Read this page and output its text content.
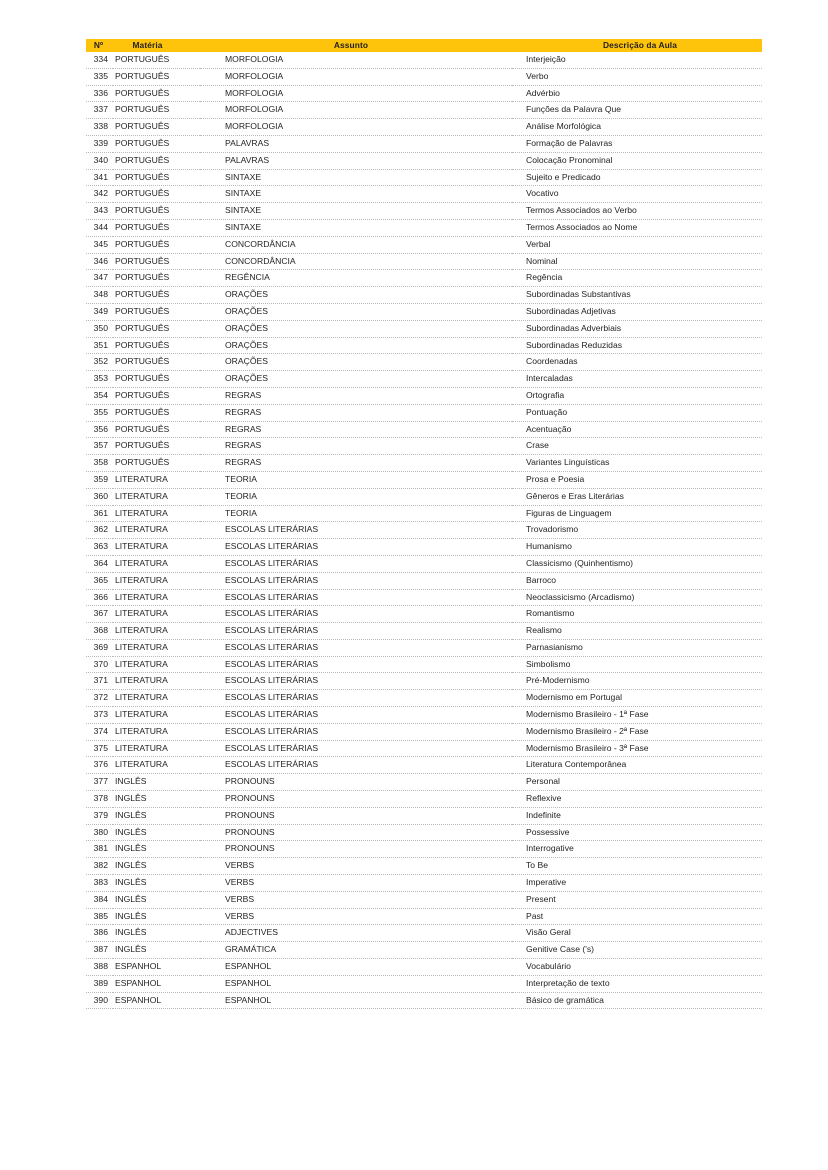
Nº	Matéria	Assunto	Descrição da Aula
334	PORTUGUÊS	MORFOLOGIA	Interjeição
335	PORTUGUÊS	MORFOLOGIA	Verbo
336	PORTUGUÊS	MORFOLOGIA	Advérbio
337	PORTUGUÊS	MORFOLOGIA	Funções da Palavra Que
338	PORTUGUÊS	MORFOLOGIA	Análise Morfológica
339	PORTUGUÊS	PALAVRAS	Formação de Palavras
340	PORTUGUÊS	PALAVRAS	Colocação Pronominal
341	PORTUGUÊS	SINTAXE	Sujeito e Predicado
342	PORTUGUÊS	SINTAXE	Vocativo
343	PORTUGUÊS	SINTAXE	Termos Associados ao Verbo
344	PORTUGUÊS	SINTAXE	Termos Associados ao Nome
345	PORTUGUÊS	CONCORDÂNCIA	Verbal
346	PORTUGUÊS	CONCORDÂNCIA	Nominal
347	PORTUGUÊS	REGÊNCIA	Regência
348	PORTUGUÊS	ORAÇÕES	Subordinadas Substantivas
349	PORTUGUÊS	ORAÇÕES	Subordinadas Adjetivas
350	PORTUGUÊS	ORAÇÕES	Subordinadas Adverbiais
351	PORTUGUÊS	ORAÇÕES	Subordinadas Reduzidas
352	PORTUGUÊS	ORAÇÕES	Coordenadas
353	PORTUGUÊS	ORAÇÕES	Intercaladas
354	PORTUGUÊS	REGRAS	Ortografia
355	PORTUGUÊS	REGRAS	Pontuação
356	PORTUGUÊS	REGRAS	Acentuação
357	PORTUGUÊS	REGRAS	Crase
358	PORTUGUÊS	REGRAS	Variantes Linguísticas
359	LITERATURA	TEORIA	Prosa e Poesia
360	LITERATURA	TEORIA	Gêneros e Eras Literárias
361	LITERATURA	TEORIA	Figuras de Linguagem
362	LITERATURA	ESCOLAS LITERÁRIAS	Trovadorismo
363	LITERATURA	ESCOLAS LITERÁRIAS	Humanismo
364	LITERATURA	ESCOLAS LITERÁRIAS	Classicismo (Quinhentismo)
365	LITERATURA	ESCOLAS LITERÁRIAS	Barroco
366	LITERATURA	ESCOLAS LITERÁRIAS	Neoclassicismo (Arcadismo)
367	LITERATURA	ESCOLAS LITERÁRIAS	Romantismo
368	LITERATURA	ESCOLAS LITERÁRIAS	Realismo
369	LITERATURA	ESCOLAS LITERÁRIAS	Parnasianismo
370	LITERATURA	ESCOLAS LITERÁRIAS	Simbolismo
371	LITERATURA	ESCOLAS LITERÁRIAS	Pré-Modernismo
372	LITERATURA	ESCOLAS LITERÁRIAS	Modernismo em Portugal
373	LITERATURA	ESCOLAS LITERÁRIAS	Modernismo Brasileiro - 1ª Fase
374	LITERATURA	ESCOLAS LITERÁRIAS	Modernismo Brasileiro - 2ª Fase
375	LITERATURA	ESCOLAS LITERÁRIAS	Modernismo Brasileiro - 3ª Fase
376	LITERATURA	ESCOLAS LITERÁRIAS	Literatura Contemporânea
377	INGLÊS	PRONOUNS	Personal
378	INGLÊS	PRONOUNS	Reflexive
379	INGLÊS	PRONOUNS	Indefinite
380	INGLÊS	PRONOUNS	Possessive
381	INGLÊS	PRONOUNS	Interrogative
382	INGLÊS	VERBS	To Be
383	INGLÊS	VERBS	Imperative
384	INGLÊS	VERBS	Present
385	INGLÊS	VERBS	Past
386	INGLÊS	ADJECTIVES	Visão Geral
387	INGLÊS	GRAMÁTICA	Genitive Case ('s)
388	ESPANHOL	ESPANHOL	Vocabulário
389	ESPANHOL	ESPANHOL	Interpretação de texto
390	ESPANHOL	ESPANHOL	Básico de gramática
